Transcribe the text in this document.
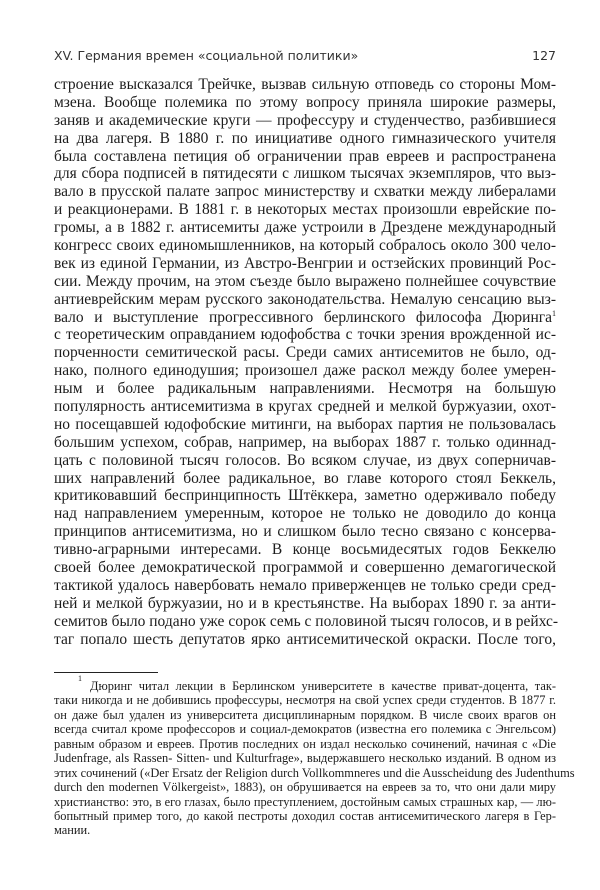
XV. Германия времен «социальной политики»	127
строение высказался Трейчке, вызвав сильную отповедь со стороны Мом-
мзена. Вообще полемика по этому вопросу приняла широкие размеры,
заняв и академические круги — профессуру и студенчество, разбившиеся
на два лагеря. В 1880 г. по инициативе одного гимназического учителя
была составлена петиция об ограничении прав евреев и распространена
для сбора подписей в пятидесяти с лишком тысячах экземпляров, что выз-
вало в прусской палате запрос министерству и схватки между либералами
и реакционерами. В 1881 г. в некоторых местах произошли еврейские по-
громы, а в 1882 г. антисемиты даже устроили в Дрездене международный
конгресс своих единомышленников, на который собралось около 300 чело-
век из единой Германии, из Австро-Венгрии и остзейских провинций Рос-
сии. Между прочим, на этом съезде было выражено полнейшее сочувствие
антиеврейским мерам русского законодательства. Немалую сенсацию выз-
вало и выступление прогрессивного берлинского философа Дюринга$^1$
с теоретическим оправданием юдофобства с точки зрения врожденной ис-
порченности семитической расы. Среди самих антисемитов не было, од-
нако, полного единодушия; произошел даже раскол между более умерен-
ным и более радикальным направлениями. Несмотря на большую
популярность антисемитизма в кругах средней и мелкой буржуазии, охот-
но посещавшей юдофобские митинги, на выборах партия не пользовалась
большим успехом, собрав, например, на выборах 1887 г. только одиннад-
цать с половиной тысяч голосов. Во всяком случае, из двух соперничав-
ших направлений более радикальное, во главе которого стоял Беккель,
критиковавший беспринципность Штёккера, заметно одерживало победу
над направлением умеренным, которое не только не доводило до конца
принципов антисемитизма, но и слишком было тесно связано с консерва-
тивно-аграрными интересами. В конце восьмидесятых годов Беккелю
своей более демократической программой и совершенно демагогической
тактикой удалось навербовать немало приверженцев не только среди сред-
ней и мелкой буржуазии, но и в крестьянстве. На выборах 1890 г. за анти-
семитов было подано уже сорок семь с половиной тысяч голосов, и в рейхс-
таг попало шесть депутатов ярко антисемитической окраски. После того,
$^1$Дюринг читал лекции в Берлинском университете в качестве приват-доцента, так-
таки никогда и не добившись профессуры, несмотря на свой успех среди студентов. В 1877 г.
он даже был удален из университета дисциплинарным порядком. В числе своих врагов он
всегда считал кроме профессоров и социал-демократов (известна его полемика с Энгельсом)
равным образом и евреев. Против последних он издал несколько сочинений, начиная с «Die
Judenfrage, als Rassen- Sitten- und Kulturfrage», выдержавшего несколько изданий. В одном из
этих сочинений («Der Ersatz der Religion durch Vollkommneres und die Ausscheidung des Judenthums
durch den modernen Völkergeist», 1883), он обрушивается на евреев за то, что они дали миру
христианство: это, в его глазах, было преступлением, достойным самых страшных кар, — лю-
бопытный пример того, до какой пестроты доходил состав антисемитического лагеря в Гер-
мании.
